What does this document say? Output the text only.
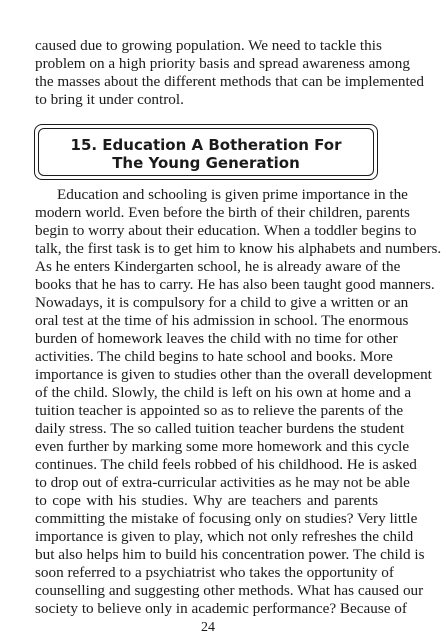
caused due to growing population. We need to tackle this
problem on a high priority basis and spread awareness among
the masses about the different methods that can be implemented
to bring it under control.
15. Education A Botheration For
The Young Generation
Education and schooling is given prime importance in the
modern world. Even before the birth of their children, parents
begin to worry about their education. When a toddler begins to
talk, the first task is to get him to know his alphabets and numbers.
As he enters Kindergarten school, he is already aware of the
books that he has to carry. He has also been taught good manners.
Nowadays, it is compulsory for a child to give a written or an
oral test at the time of his admission in school. The enormous
burden of homework leaves the child with no time for other
activities. The child begins to hate school and books. More
importance is given to studies other than the overall development
of the child. Slowly, the child is left on his own at home and a
tuition teacher is appointed so as to relieve the parents of the
daily stress. The so called tuition teacher burdens the student
even further by marking some more homework and this cycle
continues. The child feels robbed of his childhood. He is asked
to drop out of extra-curricular activities as he may not be able
to cope with his studies. Why are teachers and parents
committing the mistake of focusing only on studies? Very little
importance is given to play, which not only refreshes the child
but also helps him to build his concentration power. The child is
soon referred to a psychiatrist who takes the opportunity of
counselling and suggesting other methods. What has caused our
society to believe only in academic performance? Because of
24
